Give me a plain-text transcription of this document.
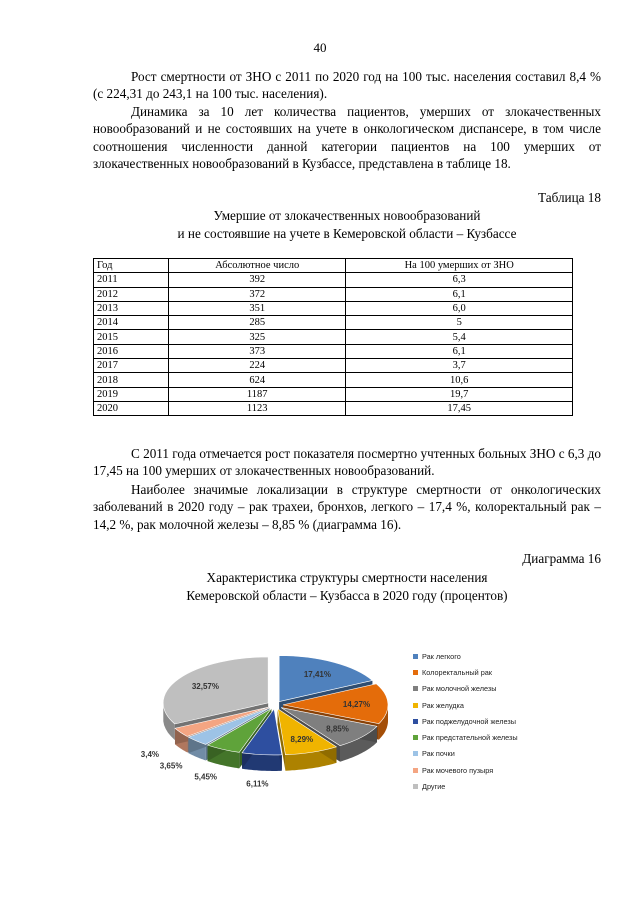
40

Рост смертности от ЗНО с 2011 по 2020 год на 100 тыс. населения составил 8,4 % (с 224,31 до 243,1 на 100 тыс. населения).

Динамика за 10 лет количества пациентов, умерших от злокачественных новообразований и не состоявших на учете в онкологическом диспансере, в том числе соотношения численности данной категории пациентов на 100 умерших от злокачественных новообразований в Кузбассе, представлена в таблице 18.

Таблица 18
Умершие от злокачественных новообразований
и не состоявшие на учете в Кемеровской области – Кузбассе
Год	Абсолютное число	На 100 умерших от ЗНО
2011	392	6,3
2012	372	6,1
2013	351	6,0
2014	285	5
2015	325	5,4
2016	373	6,1
2017	224	3,7
2018	624	10,6
2019	1187	19,7
2020	1123	17,45

С 2011 года отмечается рост показателя посмертно учтенных больных ЗНО с 6,3 до 17,45 на 100 умерших от злокачественных новообразований.

Наиболее значимые локализации в структуре смертности от онкологических заболеваний в 2020 году – рак трахеи, бронхов, легкого – 17,4 %, колоректальный рак – 14,2 %, рак молочной железы – 8,85 % (диаграмма 16).

Диаграмма 16
Характеристика структуры смертности населения
Кемеровской области – Кузбасса в 2020 году (процентов)
17,41%
14,27%
8,85%
8,29%
6,11%
5,45%
3,65%
3,4%
32,57%
Рак легкого
Колоректальный рак
Рак молочной железы
Рак желудка
Рак поджелудочной железы
Рак предстательной железы
Рак почки
Рак мочевого пузыря
Другие
